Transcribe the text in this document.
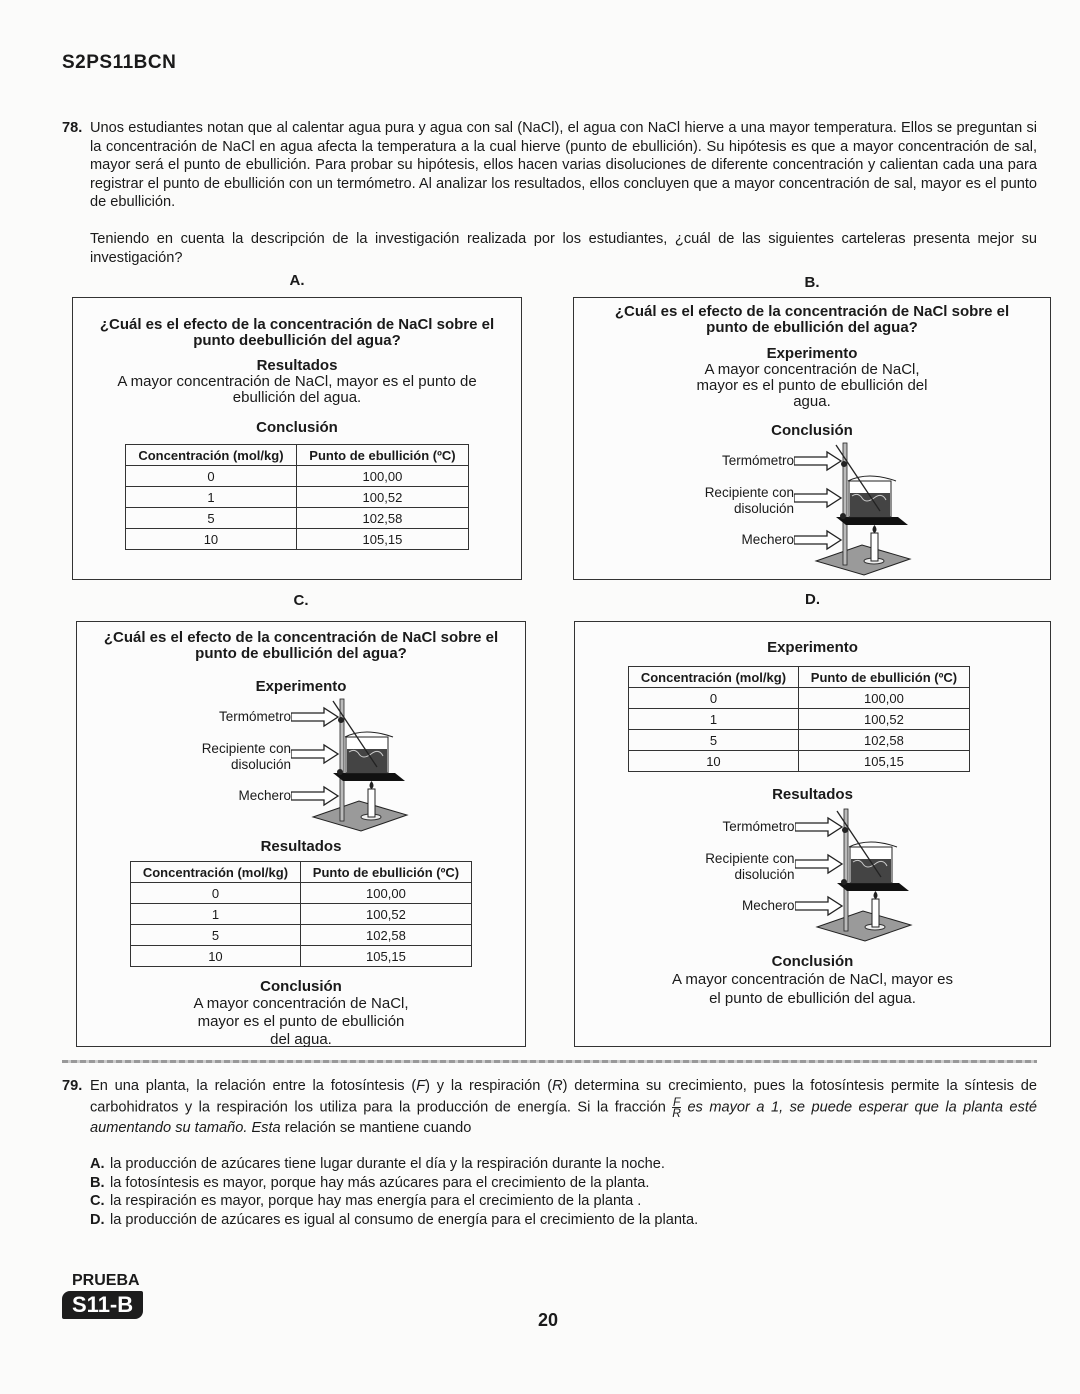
S2PS11BCN
78. Unos estudiantes notan que al calentar agua pura y agua con sal (NaCl), el agua con NaCl hierve a una mayor temperatura. Ellos se preguntan si la concentración de NaCl en agua afecta la temperatura a la cual hierve (punto de ebullición). Su hipótesis es que a mayor concentración de sal, mayor será el punto de ebullición. Para probar su hipótesis, ellos hacen varias disoluciones de diferente concentración y calientan cada una para registrar el punto de ebullición con un termómetro. Al analizar los resultados, ellos concluyen que a mayor concentración de sal, mayor es el punto de ebullición.

Teniendo en cuenta la descripción de la investigación realizada por los estudiantes, ¿cuál de las siguientes carteleras presenta mejor su investigación?

A.
¿Cuál es el efecto de la concentración de NaCl sobre el punto deebullición del agua?
Resultados
A mayor concentración de NaCl, mayor es el punto de ebullición del agua.
Conclusión
Concentración (mol/kg)	Punto de ebullición (ºC)
0	100,00
1	100,52
5	102,58
10	105,15
B.
¿Cuál es el efecto de la concentración de NaCl sobre el punto de ebullición del agua?
Experimento
A mayor concentración de NaCl, mayor es el punto de ebullición del agua.
Conclusión
Termómetro
Recipiente con disolución
Mechero
C.
¿Cuál es el efecto de la concentración de NaCl sobre el punto de ebullición del agua?
Experimento
Termómetro
Recipiente con disolución
Mechero
Resultados
Concentración (mol/kg)	Punto de ebullición (ºC)
0	100,00
1	100,52
5	102,58
10	105,15
Conclusión
A mayor concentración de NaCl, mayor es el punto de ebullición del agua.
D.
Experimento
Concentración (mol/kg)	Punto de ebullición (ºC)
0	100,00
1	100,52
5	102,58
10	105,15
Resultados
Termómetro
Recipiente con disolución
Mechero
Conclusión
A mayor concentración de NaCl, mayor es el punto de ebullición del agua.
79. En una planta, la relación entre la fotosíntesis (F) y la respiración (R) determina su crecimiento, pues la fotosíntesis permite la síntesis de carbohidratos y la respiración los utiliza para la producción de energía. Si la fracción $\frac{F}{R}$ es mayor a 1, se puede esperar que la planta esté aumentando su tamaño. Esta relación se mantiene cuando

A. la producción de azúcares tiene lugar durante el día y la respiración durante la noche.
B. la fotosíntesis es mayor, porque hay más azúcares para el crecimiento de la planta.
C. la respiración es mayor, porque hay mas energía para el crecimiento de la planta .
D. la producción de azúcares es igual al consumo de energía para el crecimiento de la planta.
PRUEBA
S11-B
20
